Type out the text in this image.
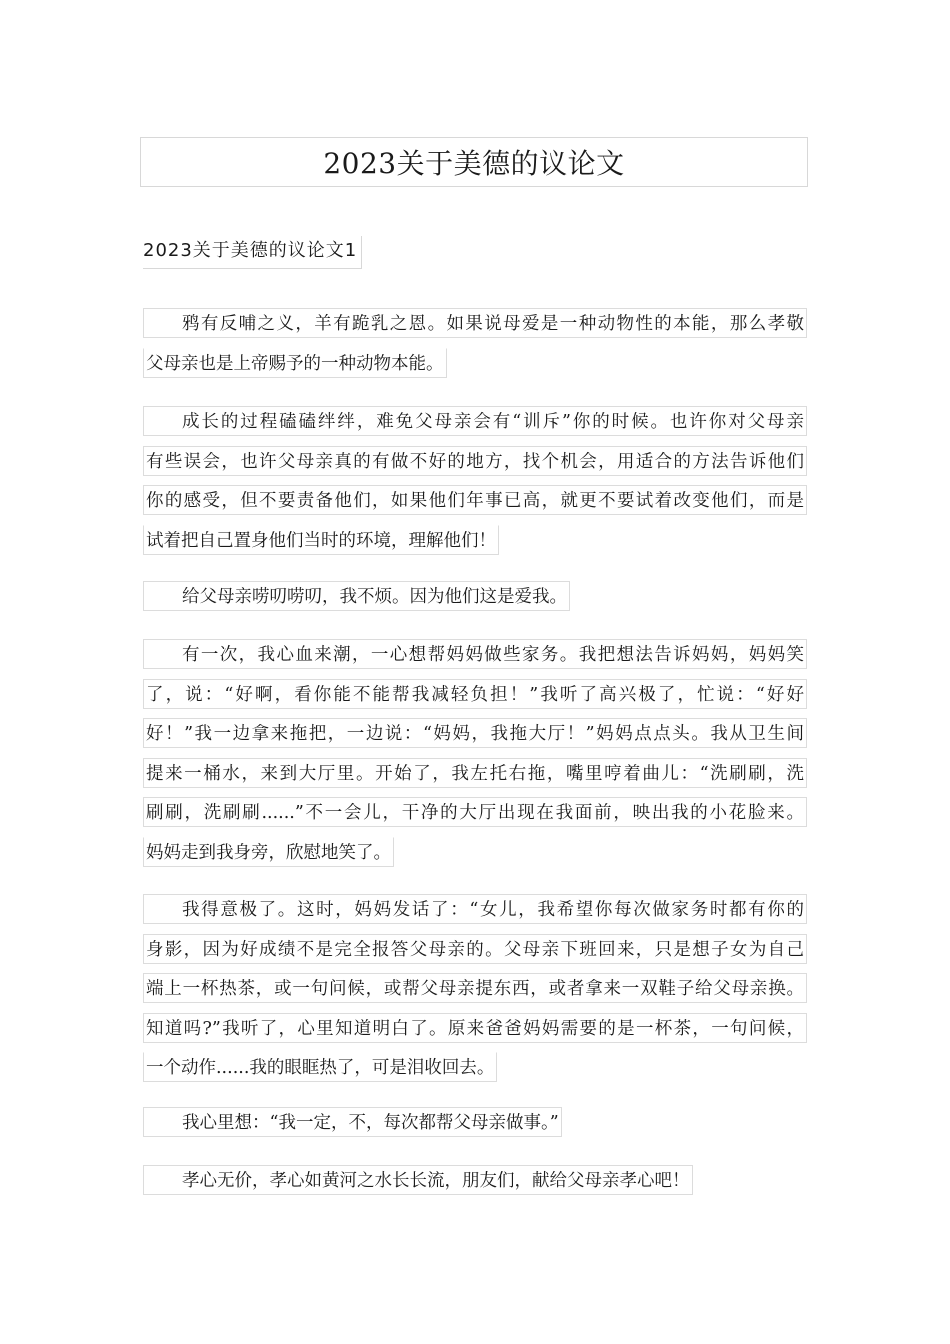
2023关于美德的议论文
2023关于美德的议论文1
鸦有反哺之义，羊有跪乳之恩。如果说母爱是一种动物性的本能，那么孝敬
父母亲也是上帝赐予的一种动物本能。
成长的过程磕磕绊绊，难免父母亲会有“训斥”你的时候。也许你对父母亲
有些误会，也许父母亲真的有做不好的地方，找个机会，用适合的方法告诉他们
你的感受，但不要责备他们，如果他们年事已高，就更不要试着改变他们，而是
试着把自己置身他们当时的环境，理解他们！
给父母亲唠叨唠叨，我不烦。因为他们这是爱我。
有一次，我心血来潮，一心想帮妈妈做些家务。我把想法告诉妈妈，妈妈笑
了，说：“好啊，看你能不能帮我减轻负担！”我听了高兴极了，忙说：“好好
好！”我一边拿来拖把，一边说：“妈妈，我拖大厅！”妈妈点点头。我从卫生间
提来一桶水，来到大厅里。开始了，我左托右拖，嘴里哼着曲儿：“洗刷刷，洗
刷刷，洗刷刷......”不一会儿，干净的大厅出现在我面前，映出我的小花脸来。
妈妈走到我身旁，欣慰地笑了。
我得意极了。这时，妈妈发话了：“女儿，我希望你每次做家务时都有你的
身影，因为好成绩不是完全报答父母亲的。父母亲下班回来，只是想子女为自己
端上一杯热茶，或一句问候，或帮父母亲提东西，或者拿来一双鞋子给父母亲换。
知道吗?”我听了，心里知道明白了。原来爸爸妈妈需要的是一杯茶，一句问候，
一个动作......我的眼眶热了，可是泪收回去。
我心里想：“我一定，不，每次都帮父母亲做事。”
孝心无价，孝心如黄河之水长长流，朋友们，献给父母亲孝心吧！
